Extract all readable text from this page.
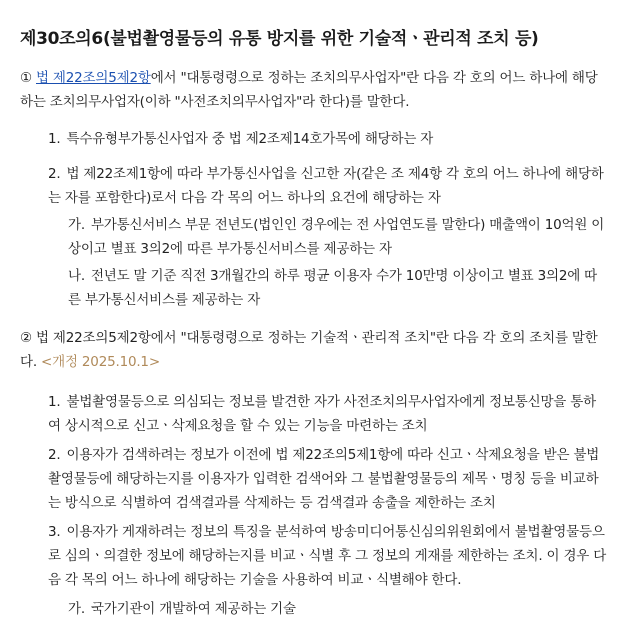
제30조의6(불법촬영물등의 유통 방지를 위한 기술적ㆍ관리적 조치 등)
① 법 제22조의5제2항에서 "대통령령으로 정하는 조치의무사업자"란 다음 각 호의 어느 하나에 해당하는 조치의무사업자(이하 "사전조치의무사업자"라 한다)를 말한다.
1. 특수유형부가통신사업자 중 법 제2조제14호가목에 해당하는 자
2. 법 제22조제1항에 따라 부가통신사업을 신고한 자(같은 조 제4항 각 호의 어느 하나에 해당하는 자를 포함한다)로서 다음 각 목의 어느 하나의 요건에 해당하는 자
가. 부가통신서비스 부문 전년도(법인인 경우에는 전 사업연도를 말한다) 매출액이 10억원 이상이고 별표 3의2에 따른 부가통신서비스를 제공하는 자
나. 전년도 말 기준 직전 3개월간의 하루 평균 이용자 수가 10만명 이상이고 별표 3의2에 따른 부가통신서비스를 제공하는 자
② 법 제22조의5제2항에서 "대통령령으로 정하는 기술적ㆍ관리적 조치"란 다음 각 호의 조치를 말한다. <개정 2025.10.1>
1. 불법촬영물등으로 의심되는 정보를 발견한 자가 사전조치의무사업자에게 정보통신망을 통하여 상시적으로 신고ㆍ삭제요청을 할 수 있는 기능을 마련하는 조치
2. 이용자가 검색하려는 정보가 이전에 법 제22조의5제1항에 따라 신고ㆍ삭제요청을 받은 불법촬영물등에 해당하는지를 이용자가 입력한 검색어와 그 불법촬영물등의 제목ㆍ명칭 등을 비교하는 방식으로 식별하여 검색결과를 삭제하는 등 검색결과 송출을 제한하는 조치
3. 이용자가 게재하려는 정보의 특징을 분석하여 방송미디어통신심의위원회에서 불법촬영물등으로 심의ㆍ의결한 정보에 해당하는지를 비교ㆍ식별 후 그 정보의 게재를 제한하는 조치. 이 경우 다음 각 목의 어느 하나에 해당하는 기술을 사용하여 비교ㆍ식별해야 한다.
가. 국가기관이 개발하여 제공하는 기술
